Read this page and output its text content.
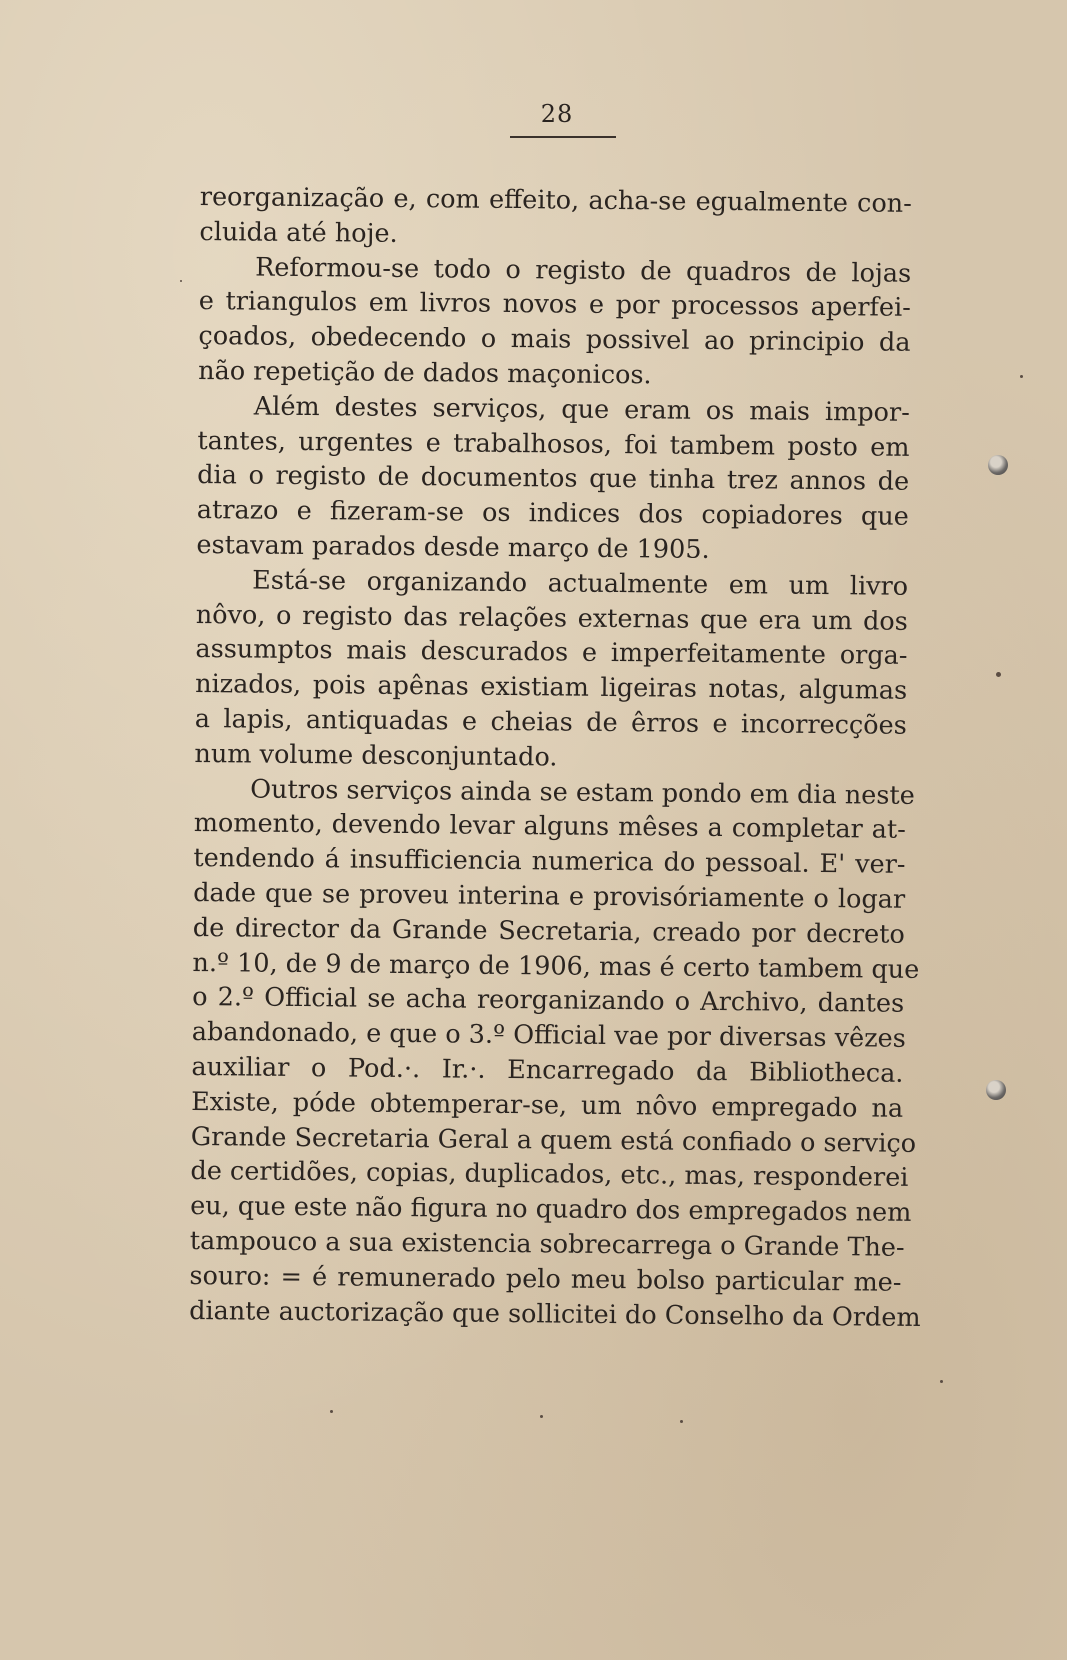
28
reorganização e, com effeito, acha-se egualmente con-
cluida até hoje.
Reformou-se todo o registo de quadros de lojas
e triangulos em livros novos e por processos aperfei-
çoados, obedecendo o mais possivel ao principio da
não repetição de dados maçonicos.
Além destes serviços, que eram os mais impor-
tantes, urgentes e trabalhosos, foi tambem posto em
dia o registo de documentos que tinha trez annos de
atrazo e fizeram-se os indices dos copiadores que
estavam parados desde março de 1905.
Está-se organizando actualmente em um livro
nôvo, o registo das relações externas que era um dos
assumptos mais descurados e imperfeitamente orga-
nizados, pois apênas existiam ligeiras notas, algumas
a lapis, antiquadas e cheias de êrros e incorrecções
num volume desconjuntado.
Outros serviços ainda se estam pondo em dia neste
momento, devendo levar alguns mêses a completar at-
tendendo á insufficiencia numerica do pessoal. E' ver-
dade que se proveu interina e provisóriamente o logar
de director da Grande Secretaria, creado por decreto
n.º 10, de 9 de março de 1906, mas é certo tambem que
o 2.º Official se acha reorganizando o Archivo, dantes
abandonado, e que o 3.º Official vae por diversas vêzes
auxiliar o Pod.·. Ir.·. Encarregado da Bibliotheca.
Existe, póde obtemperar-se, um nôvo empregado na
Grande Secretaria Geral a quem está confiado o serviço
de certidões, copias, duplicados, etc., mas, responderei
eu, que este não figura no quadro dos empregados nem
tampouco a sua existencia sobrecarrega o Grande The-
souro: = é remunerado pelo meu bolso particular me-
diante auctorização que sollicitei do Conselho da Ordem
